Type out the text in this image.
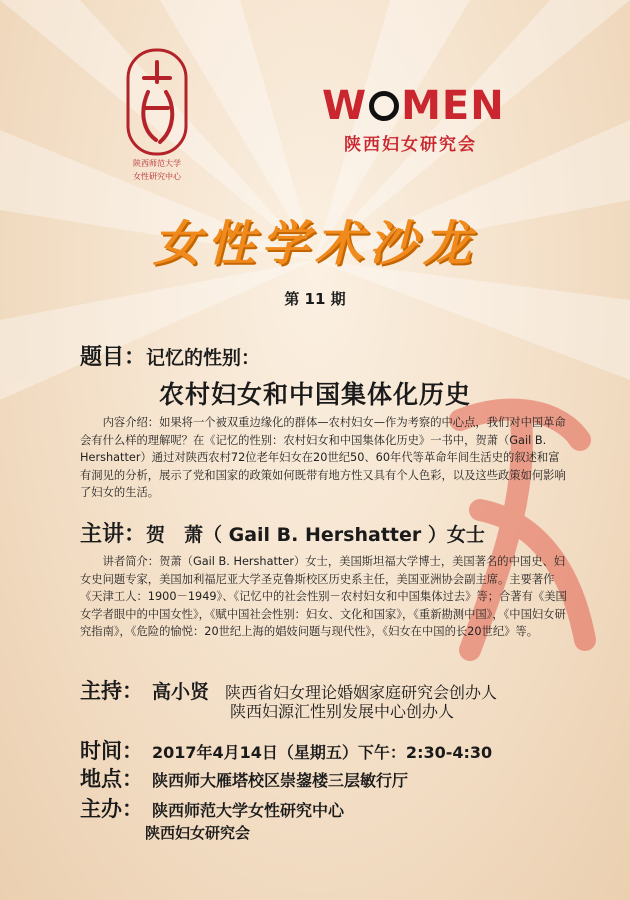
陕西师范大学
女性研究中心
W MEN
陕西妇女研究会
女性学术沙龙
第 11 期
题目：记忆的性别：
农村妇女和中国集体化历史
内容介绍：如果将一个被双重边缘化的群体—农村妇女—作为考察的中心点，我们对中国革命会有什么样的理解呢？在《记忆的性别：农村妇女和中国集体化历史》一书中，贺萧（Gail B. Hershatter）通过对陕西农村72位老年妇女在20世纪50、60年代等革命年间生活史的叙述和富有洞见的分析，展示了党和国家的政策如何既带有地方性又具有个人色彩，以及这些政策如何影响了妇女的生活。
主讲：贺　萧（ Gail B. Hershatter ）女士
讲者简介：贺萧（Gail B. Hershatter）女士，美国斯坦福大学博士，美国著名的中国史、妇女史问题专家，美国加利福尼亚大学圣克鲁斯校区历史系主任，美国亚洲协会副主席。主要著作《天津工人：1900－1949》、《记忆中的社会性别－农村妇女和中国集体过去》等；合著有《美国女学者眼中的中国女性》，《赋中国社会性别：妇女、文化和国家》，《重新勘测中国》，《中国妇女研究指南》，《危险的愉悦：20世纪上海的娼妓问题与现代性》，《妇女在中国的长20世纪》等。
主持： 高小贤　 陕西省妇女理论婚姻家庭研究会创办人
陕西妇源汇性别发展中心创办人
时间： 2017年4月14日（星期五）下午：2:30-4:30
地点： 陕西师大雁塔校区崇鋆楼三层敏行厅
主办： 陕西师范大学女性研究中心
陕西妇女研究会
